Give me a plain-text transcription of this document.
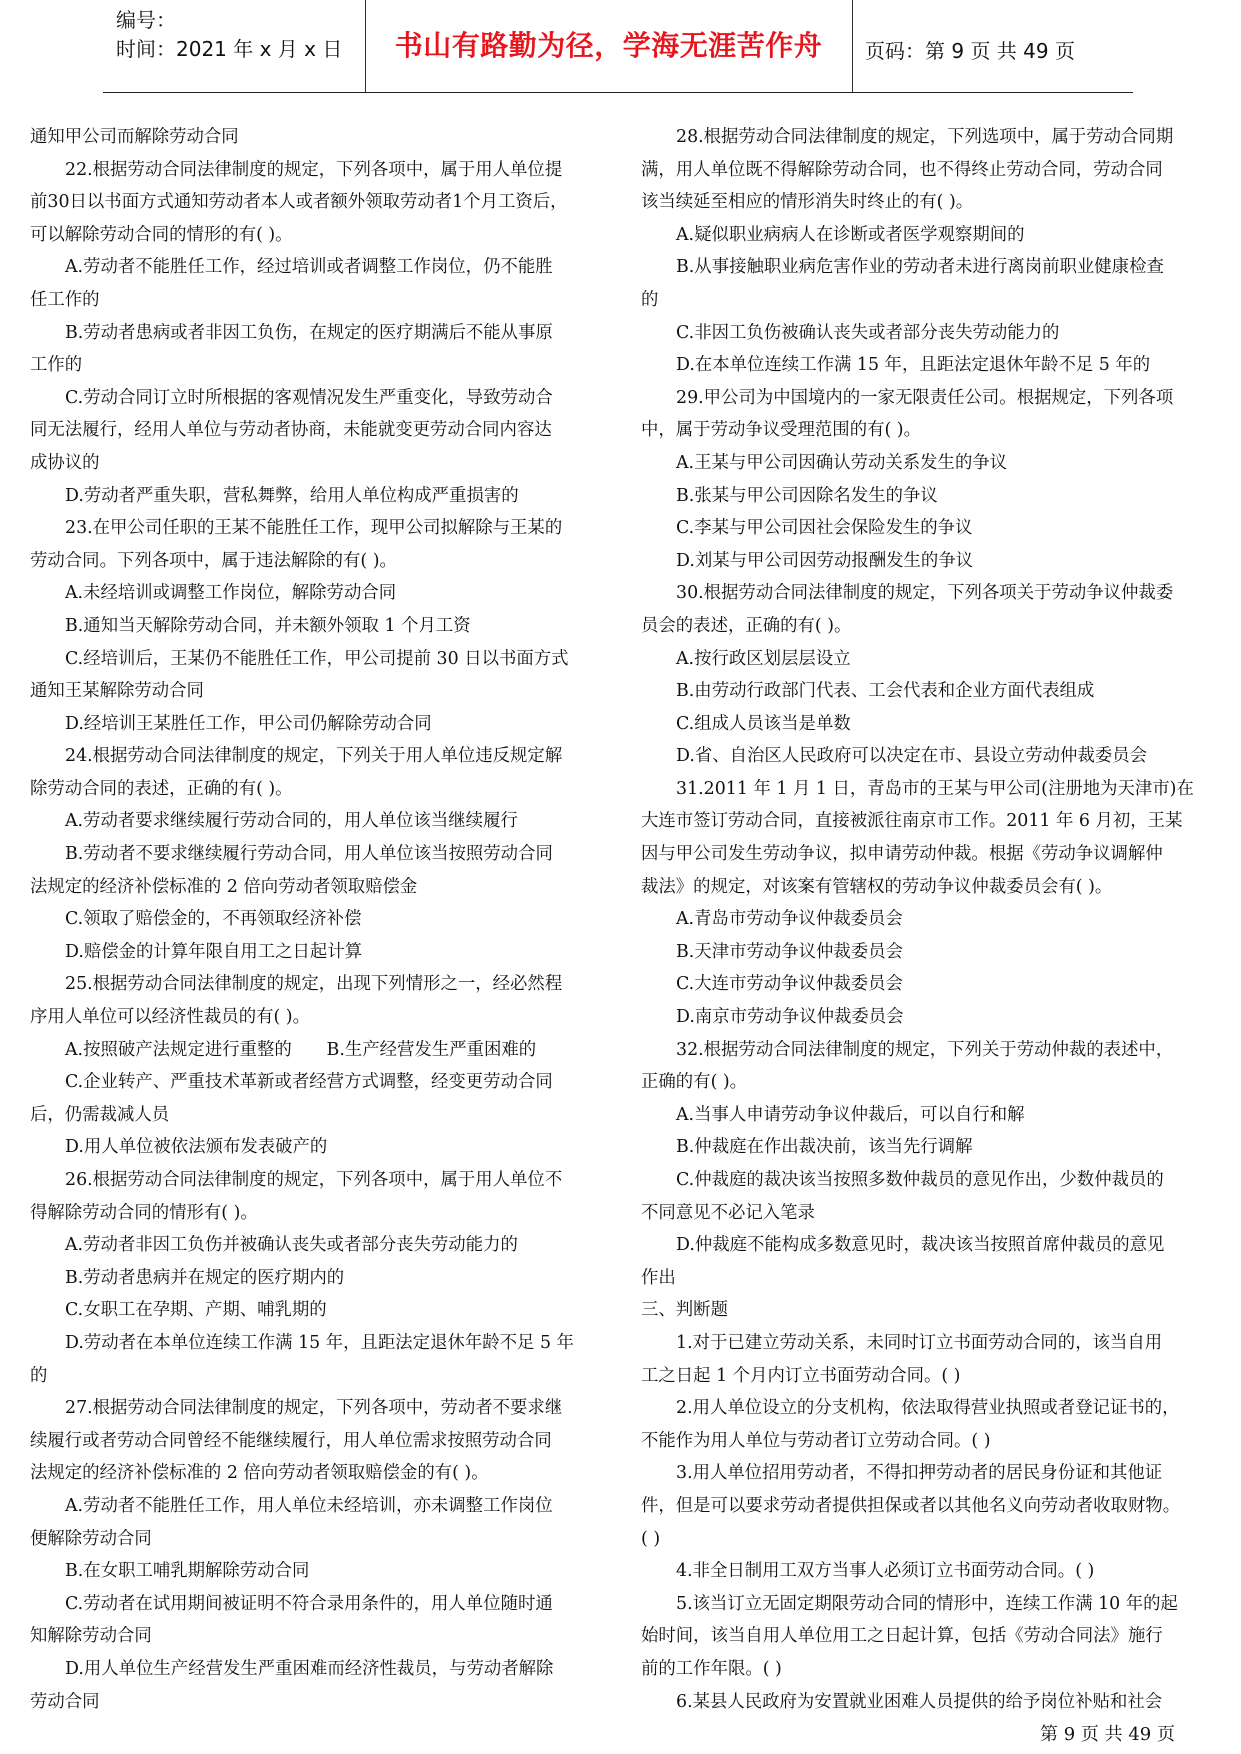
编号：
时间：2021 年 x 月 x 日	书山有路勤为径，学海无涯苦作舟	页码：第 9 页 共 49 页
通知甲公司而解除劳动合同
22.根据劳动合同法律制度的规定，下列各项中，属于用人单位提
前30日以书面方式通知劳动者本人或者额外领取劳动者1个月工资后，
可以解除劳动合同的情形的有( )。
A.劳动者不能胜任工作，经过培训或者调整工作岗位，仍不能胜
任工作的
B.劳动者患病或者非因工负伤，在规定的医疗期满后不能从事原
工作的
C.劳动合同订立时所根据的客观情况发生严重变化，导致劳动合
同无法履行，经用人单位与劳动者协商，未能就变更劳动合同内容达
成协议的
D.劳动者严重失职，营私舞弊，给用人单位构成严重损害的
23.在甲公司任职的王某不能胜任工作，现甲公司拟解除与王某的
劳动合同。下列各项中，属于违法解除的有( )。
A.未经培训或调整工作岗位，解除劳动合同
B.通知当天解除劳动合同，并未额外领取 1 个月工资
C.经培训后，王某仍不能胜任工作，甲公司提前 30 日以书面方式
通知王某解除劳动合同
D.经培训王某胜任工作，甲公司仍解除劳动合同
24.根据劳动合同法律制度的规定，下列关于用人单位违反规定解
除劳动合同的表述，正确的有( )。
A.劳动者要求继续履行劳动合同的，用人单位该当继续履行
B.劳动者不要求继续履行劳动合同，用人单位该当按照劳动合同
法规定的经济补偿标准的 2 倍向劳动者领取赔偿金
C.领取了赔偿金的，不再领取经济补偿
D.赔偿金的计算年限自用工之日起计算
25.根据劳动合同法律制度的规定，出现下列情形之一，经必然程
序用人单位可以经济性裁员的有( )。
A.按照破产法规定进行重整的　　B.生产经营发生严重困难的
C.企业转产、严重技术革新或者经营方式调整，经变更劳动合同
后，仍需裁减人员
D.用人单位被依法颁布发表破产的
26.根据劳动合同法律制度的规定，下列各项中，属于用人单位不
得解除劳动合同的情形有( )。
A.劳动者非因工负伤并被确认丧失或者部分丧失劳动能力的
B.劳动者患病并在规定的医疗期内的
C.女职工在孕期、产期、哺乳期的
D.劳动者在本单位连续工作满 15 年，且距法定退休年龄不足 5 年
的
27.根据劳动合同法律制度的规定，下列各项中，劳动者不要求继
续履行或者劳动合同曾经不能继续履行，用人单位需求按照劳动合同
法规定的经济补偿标准的 2 倍向劳动者领取赔偿金的有( )。
A.劳动者不能胜任工作，用人单位未经培训，亦未调整工作岗位
便解除劳动合同
B.在女职工哺乳期解除劳动合同
C.劳动者在试用期间被证明不符合录用条件的，用人单位随时通
知解除劳动合同
D.用人单位生产经营发生严重困难而经济性裁员，与劳动者解除
劳动合同
28.根据劳动合同法律制度的规定，下列选项中，属于劳动合同期
满，用人单位既不得解除劳动合同，也不得终止劳动合同，劳动合同
该当续延至相应的情形消失时终止的有( )。
A.疑似职业病病人在诊断或者医学观察期间的
B.从事接触职业病危害作业的劳动者未进行离岗前职业健康检查
的
C.非因工负伤被确认丧失或者部分丧失劳动能力的
D.在本单位连续工作满 15 年，且距法定退休年龄不足 5 年的
29.甲公司为中国境内的一家无限责任公司。根据规定，下列各项
中，属于劳动争议受理范围的有( )。
A.王某与甲公司因确认劳动关系发生的争议
B.张某与甲公司因除名发生的争议
C.李某与甲公司因社会保险发生的争议
D.刘某与甲公司因劳动报酬发生的争议
30.根据劳动合同法律制度的规定，下列各项关于劳动争议仲裁委
员会的表述，正确的有( )。
A.按行政区划层层设立
B.由劳动行政部门代表、工会代表和企业方面代表组成
C.组成人员该当是单数
D.省、自治区人民政府可以决定在市、县设立劳动仲裁委员会
31.2011 年 1 月 1 日，青岛市的王某与甲公司(注册地为天津市)在
大连市签订劳动合同，直接被派往南京市工作。2011 年 6 月初，王某
因与甲公司发生劳动争议，拟申请劳动仲裁。根据《劳动争议调解仲
裁法》的规定，对该案有管辖权的劳动争议仲裁委员会有( )。
A.青岛市劳动争议仲裁委员会
B.天津市劳动争议仲裁委员会
C.大连市劳动争议仲裁委员会
D.南京市劳动争议仲裁委员会
32.根据劳动合同法律制度的规定，下列关于劳动仲裁的表述中，
正确的有( )。
A.当事人申请劳动争议仲裁后，可以自行和解
B.仲裁庭在作出裁决前，该当先行调解
C.仲裁庭的裁决该当按照多数仲裁员的意见作出，少数仲裁员的
不同意见不必记入笔录
D.仲裁庭不能构成多数意见时，裁决该当按照首席仲裁员的意见
作出
三、判断题
1.对于已建立劳动关系，未同时订立书面劳动合同的，该当自用
工之日起 1 个月内订立书面劳动合同。( )
2.用人单位设立的分支机构，依法取得营业执照或者登记证书的，
不能作为用人单位与劳动者订立劳动合同。( )
3.用人单位招用劳动者，不得扣押劳动者的居民身份证和其他证
件，但是可以要求劳动者提供担保或者以其他名义向劳动者收取财物。
( )
4.非全日制用工双方当事人必须订立书面劳动合同。( )
5.该当订立无固定期限劳动合同的情形中，连续工作满 10 年的起
始时间，该当自用人单位用工之日起计算，包括《劳动合同法》施行
前的工作年限。( )
6.某县人民政府为安置就业困难人员提供的给予岗位补贴和社会
第 9 页 共 49 页
